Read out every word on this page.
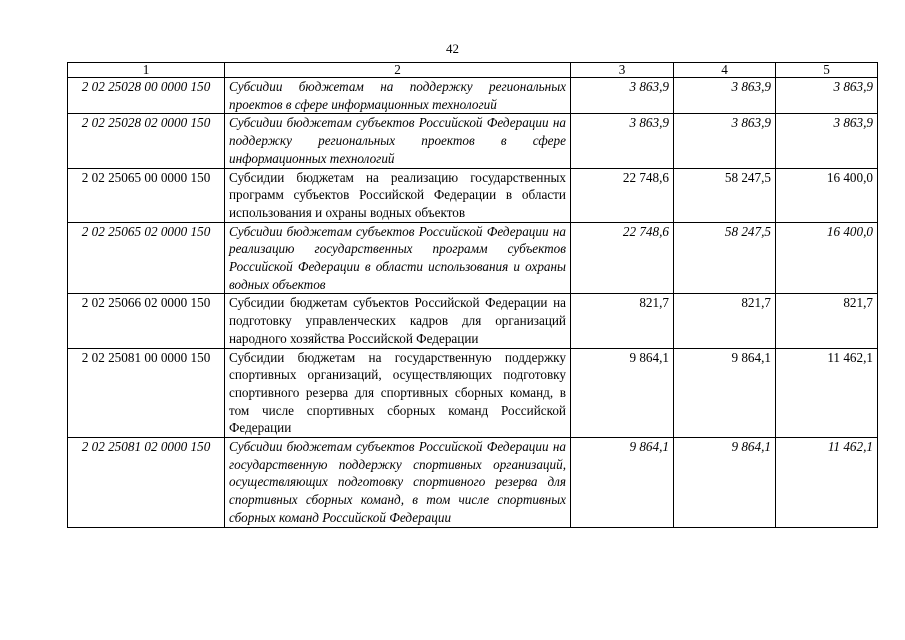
42
1	2	3	4	5
2 02 25028 00 0000 150	Субсидии бюджетам на поддержку региональных проектов в сфере информационных технологий	3 863,9	3 863,9	3 863,9
2 02 25028 02 0000 150	Субсидии бюджетам субъектов Российской Федерации на поддержку региональных проектов в сфере информационных технологий	3 863,9	3 863,9	3 863,9
2 02 25065 00 0000 150	Субсидии бюджетам на реализацию государственных программ субъектов Российской Федерации в области использования и охраны водных объектов	22 748,6	58 247,5	16 400,0
2 02 25065 02 0000 150	Субсидии бюджетам субъектов Российской Федерации на реализацию государственных программ субъектов Российской Федерации в области использования и охраны водных объектов	22 748,6	58 247,5	16 400,0
2 02 25066 02 0000 150	Субсидии бюджетам субъектов Российской Федерации на подготовку управленческих кадров для организаций народного хозяйства Российской Федерации	821,7	821,7	821,7
2 02 25081 00 0000 150	Субсидии бюджетам на государственную поддержку спортивных организаций, осуществляющих подготовку спортивного резерва для спортивных сборных команд, в том числе спортивных сборных команд Российской Федерации	9 864,1	9 864,1	11 462,1
2 02 25081 02 0000 150	Субсидии бюджетам субъектов Российской Федерации на государственную поддержку спортивных организаций, осуществляющих подготовку спортивного резерва для спортивных сборных команд, в том числе спортивных сборных команд Российской Федерации	9 864,1	9 864,1	11 462,1
